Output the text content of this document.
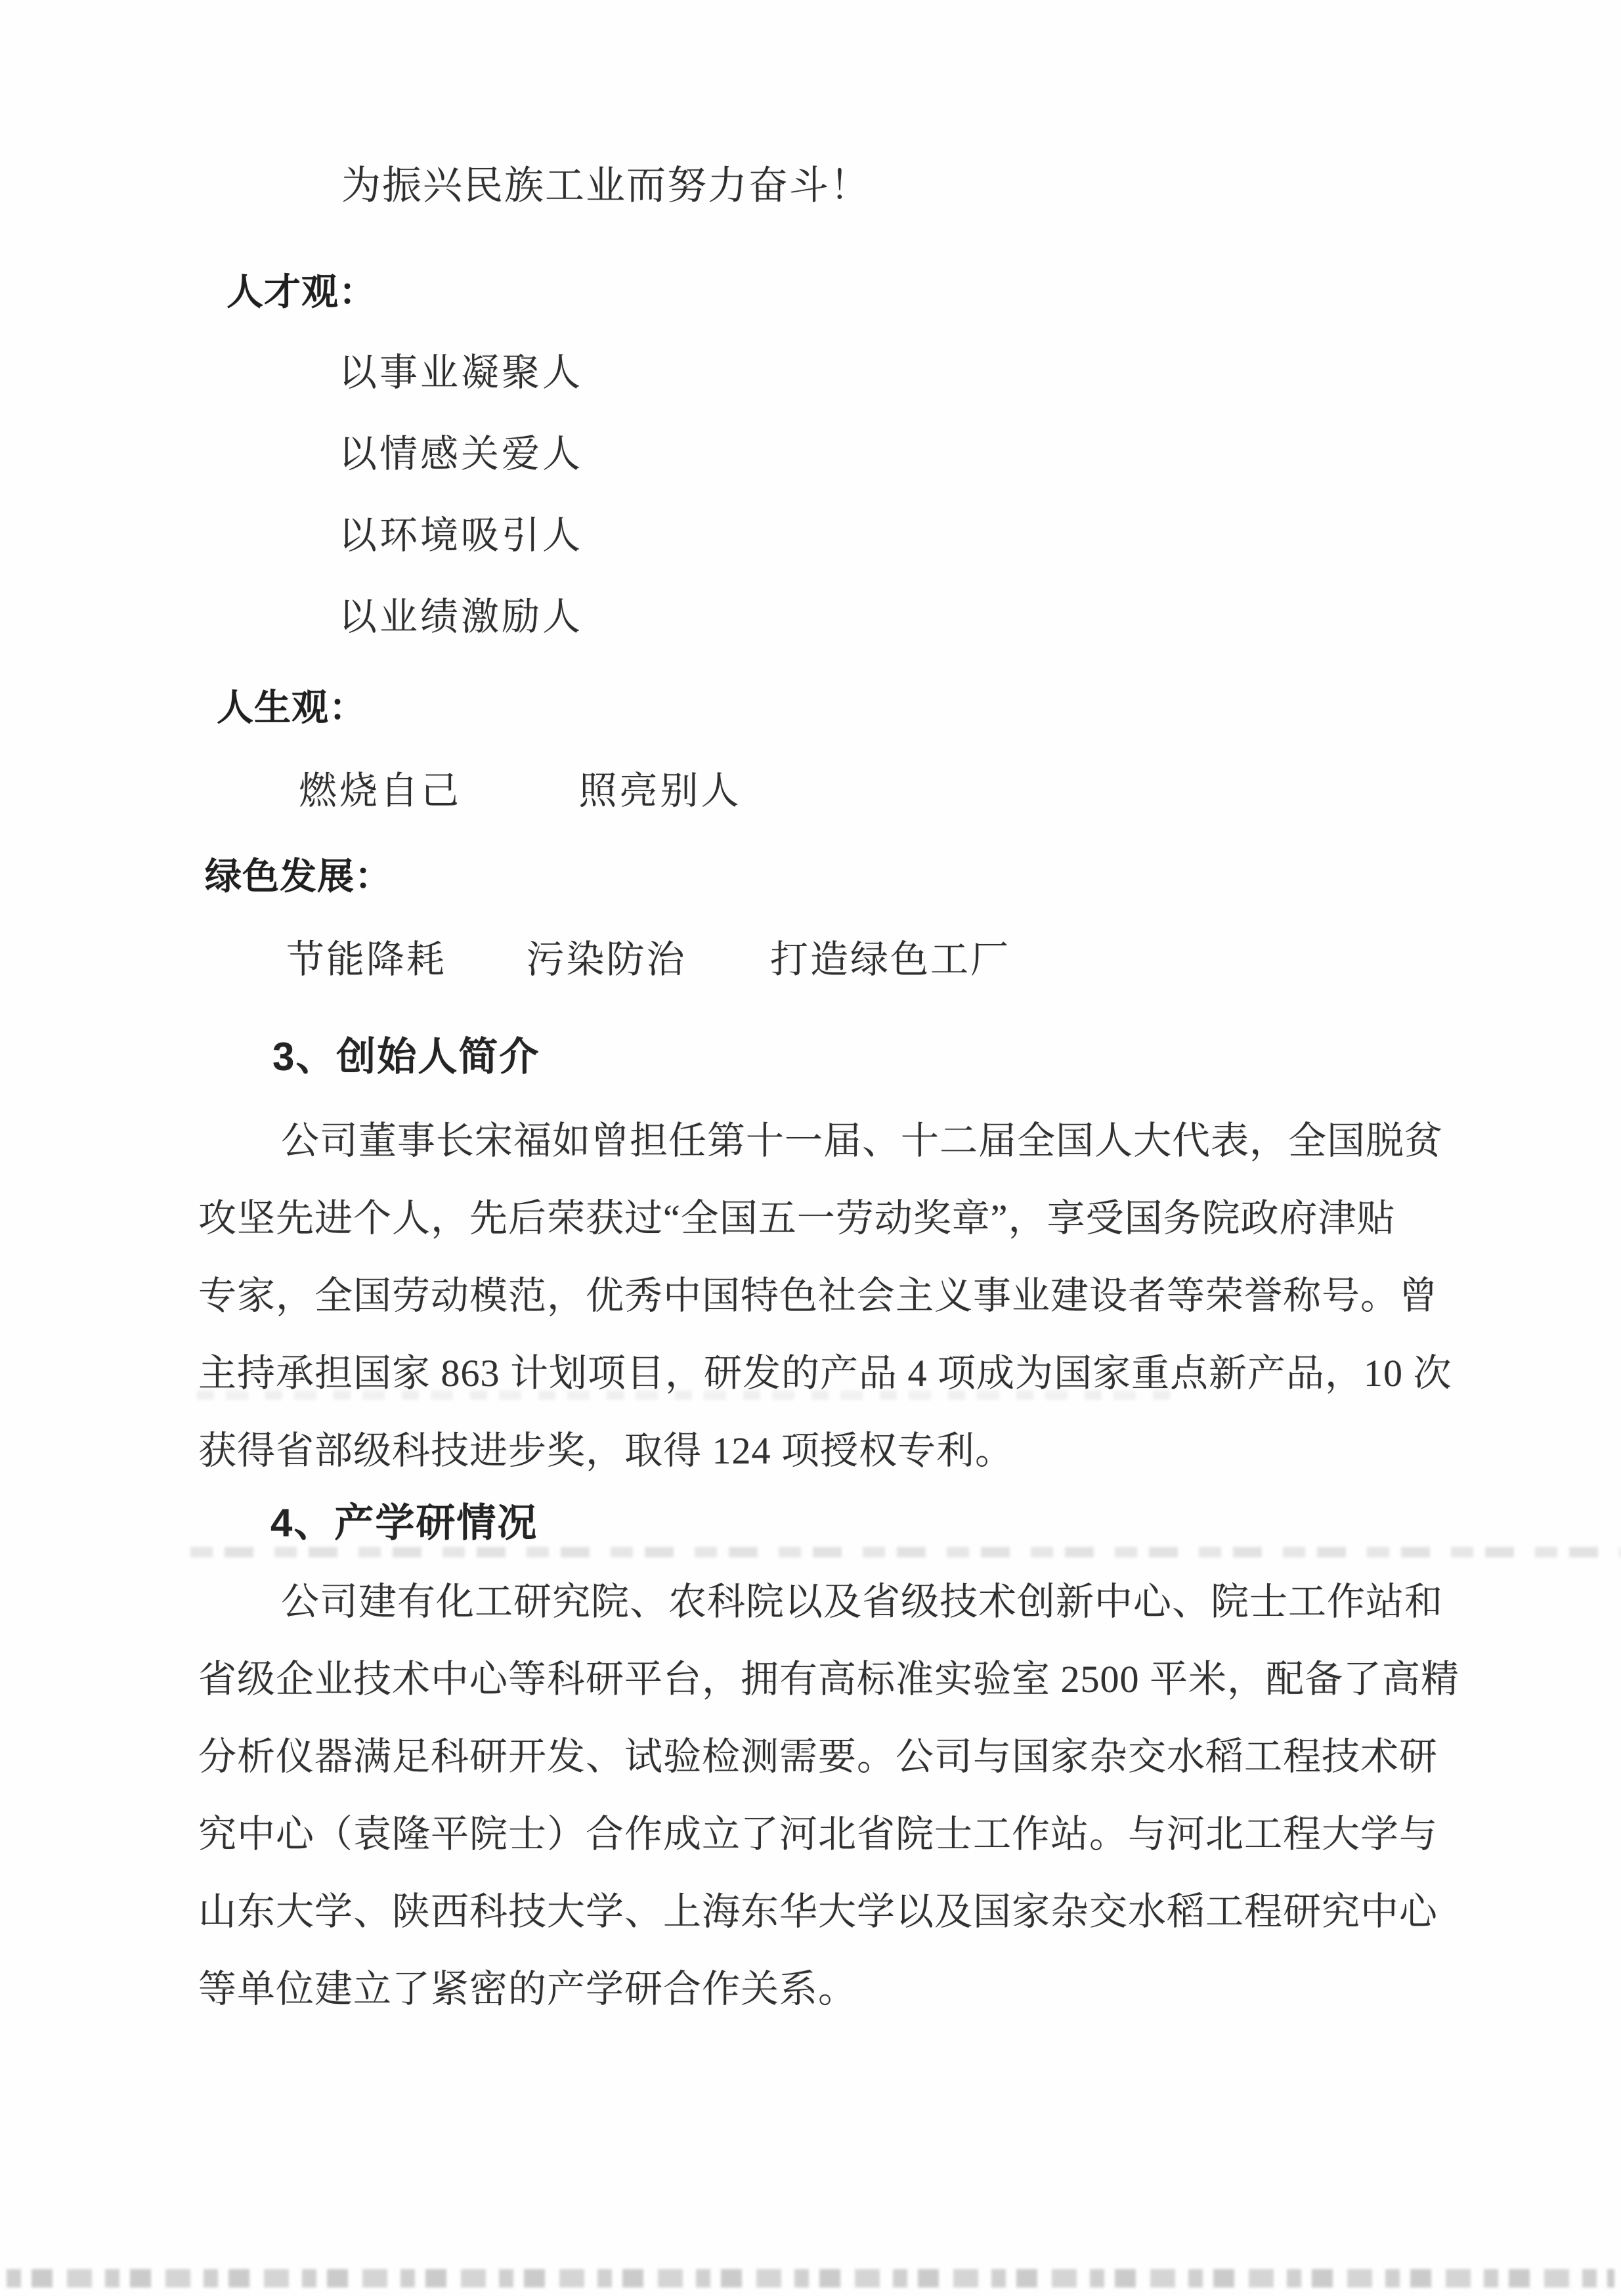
为振兴民族工业而努力奋斗！
人才观：
以事业凝聚人
以情感关爱人
以环境吸引人
以业绩激励人
人生观：
燃烧自己	照亮别人
绿色发展：
节能降耗 污染防治 打造绿色工厂
3、创始人简介
公司董事长宋福如曾担任第十一届、十二届全国人大代表，全国脱贫
攻坚先进个人，先后荣获过“全国五一劳动奖章”，享受国务院政府津贴
专家，全国劳动模范，优秀中国特色社会主义事业建设者等荣誉称号。曾
主持承担国家 863 计划项目，研发的产品 4 项成为国家重点新产品，10 次
获得省部级科技进步奖，取得 124 项授权专利。
4、产学研情况
公司建有化工研究院、农科院以及省级技术创新中心、院士工作站和
省级企业技术中心等科研平台，拥有高标准实验室 2500 平米，配备了高精
分析仪器满足科研开发、试验检测需要。公司与国家杂交水稻工程技术研
究中心（袁隆平院士）合作成立了河北省院士工作站。与河北工程大学与
山东大学、陕西科技大学、上海东华大学以及国家杂交水稻工程研究中心
等单位建立了紧密的产学研合作关系。
